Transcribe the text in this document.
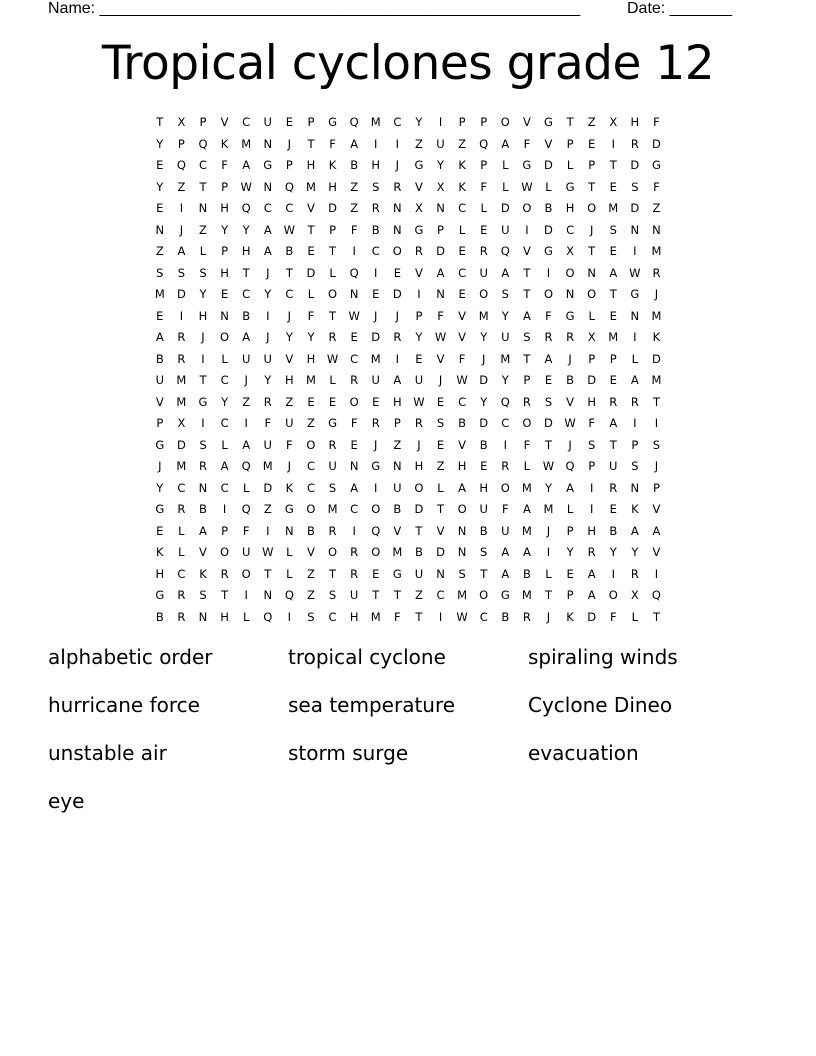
Name: ______________________________________________________	Date: _______
Tropical cyclones grade 12
T	X	P	V	C	U	E	P	G	Q	M	C	Y	I	P	P	O	V	G	T	Z	X	H	F
Y	P	Q	K	M	N	J	T	F	A	I	I	Z	U	Z	Q	A	F	V	P	E	I	R	D
E	Q	C	F	A	G	P	H	K	B	H	J	G	Y	K	P	L	G	D	L	P	T	D	G
Y	Z	T	P	W	N	Q	M	H	Z	S	R	V	X	K	F	L	W	L	G	T	E	S	F
E	I	N	H	Q	C	C	V	D	Z	R	N	X	N	C	L	D	O	B	H	O	M	D	Z
N	J	Z	Y	Y	A	W	T	P	F	B	N	G	P	L	E	U	I	D	C	J	S	N	N
Z	A	L	P	H	A	B	E	T	I	C	O	R	D	E	R	Q	V	G	X	T	E	I	M
S	S	S	H	T	J	T	D	L	Q	I	E	V	A	C	U	A	T	I	O	N	A	W	R
M	D	Y	E	C	Y	C	L	O	N	E	D	I	N	E	O	S	T	O	N	O	T	G	J
E	I	H	N	B	I	J	F	T	W	J	J	P	F	V	M	Y	A	F	G	L	E	N	M
A	R	J	O	A	J	Y	Y	R	E	D	R	Y	W	V	Y	U	S	R	R	X	M	I	K
B	R	I	L	U	U	V	H	W	C	M	I	E	V	F	J	M	T	A	J	P	P	L	D
U	M	T	C	J	Y	H	M	L	R	U	A	U	J	W D	Y	P	E	B	D	E	A	M
V	M	G	Y	Z	R	Z	E	E	O	E	H	W	E	C	Y	Q	R	S	V	H	R	R	T
P	X	I	C	I	F	U	Z	G	F	R	P	R	S	B	D	C	O	D W	F	A	I	I
G	D	S	L	A	U	F	O	R	E	J	Z	J	E	V	B	I	F	T	J	S	T	P	S
J	M	R	A	Q	M	J	C	U	N	G	N	H	Z	H	E	R	L	W Q	P	U	S	J
Y	C	N	C	L	D	K	C	S	A	I	U	O	L	A	H	O	M	Y	A	I	R	N	P
G	R	B	I	Q	Z	G	O	M	C	O	B	D	T	O	U	F	A	M	L	I	E	K	V
E	L	A	P	F	I	N	B	R	I	Q	V	T	V	N	B	U	M	J	P	H	B	A	A
K	L	V	O	U	W	L	V	O	R	O	M	B	D	N	S	A	A	I	Y	R	Y	Y	V
H	C	K	R	O	T	L	Z	T	R	E	G	U	N	S	T	A	B	L	E	A	I	R	I
G	R	S	T	I	N	Q	Z	S	U	T	T	Z	C	M	O	G	M	T	P	A	O	X	Q
B	R	N	H	L	Q	I	S	C	H	M	F	T	I	W	C	B	R	J	K	D	F	L	T
alphabetic order	tropical cyclone	spiraling winds
hurricane force	sea temperature	Cyclone Dineo
unstable air	storm surge	evacuation
eye
